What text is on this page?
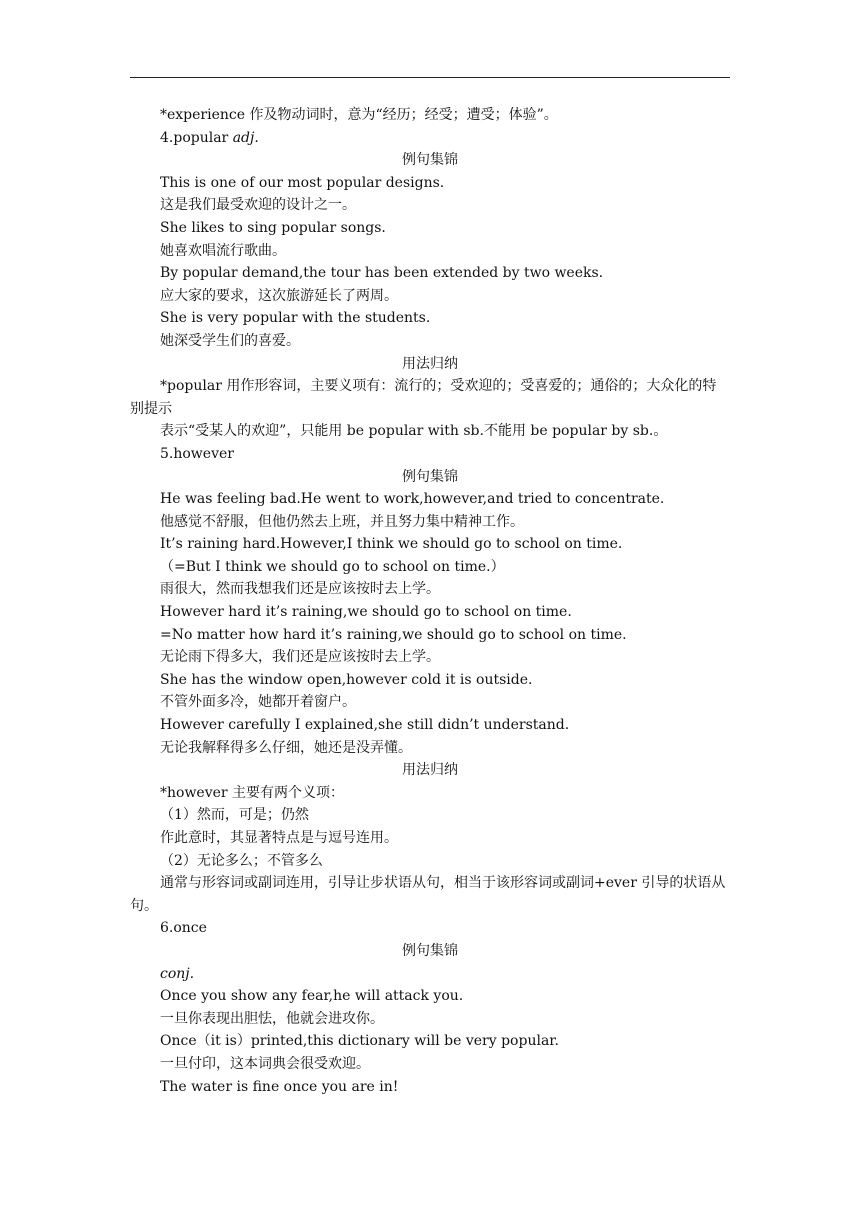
*experience 作及物动词时，意为“经历；经受；遭受；体验”。
4.popular adj.
例句集锦
This is one of our most popular designs.
这是我们最受欢迎的设计之一。
She likes to sing popular songs.
她喜欢唱流行歌曲。
By popular demand,the tour has been extended by two weeks.
应大家的要求，这次旅游延长了两周。
She is very popular with the students.
她深受学生们的喜爱。
用法归纳
*popular 用作形容词，主要义项有：流行的；受欢迎的；受喜爱的；通俗的；大众化的特别提示
表示“受某人的欢迎”，只能用 be popular with sb.不能用 be popular by sb.。
5.however
例句集锦
He was feeling bad.He went to work,however,and tried to concentrate.
他感觉不舒服，但他仍然去上班，并且努力集中精神工作。
It’s raining hard.However,I think we should go to school on time.
（=But I think we should go to school on time.）
雨很大，然而我想我们还是应该按时去上学。
However hard it’s raining,we should go to school on time.
=No matter how hard it’s raining,we should go to school on time.
无论雨下得多大，我们还是应该按时去上学。
She has the window open,however cold it is outside.
不管外面多冷，她都开着窗户。
However carefully I explained,she still didn’t understand.
无论我解释得多么仔细，她还是没弄懂。
用法归纳
*however 主要有两个义项：
（1）然而，可是；仍然
作此意时，其显著特点是与逗号连用。
（2）无论多么；不管多么
通常与形容词或副词连用，引导让步状语从句，相当于该形容词或副词+ever 引导的状语从句。
6.once
例句集锦
conj.
Once you show any fear,he will attack you.
一旦你表现出胆怯，他就会进攻你。
Once（it is）printed,this dictionary will be very popular.
一旦付印，这本词典会很受欢迎。
The water is fine once you are in!
